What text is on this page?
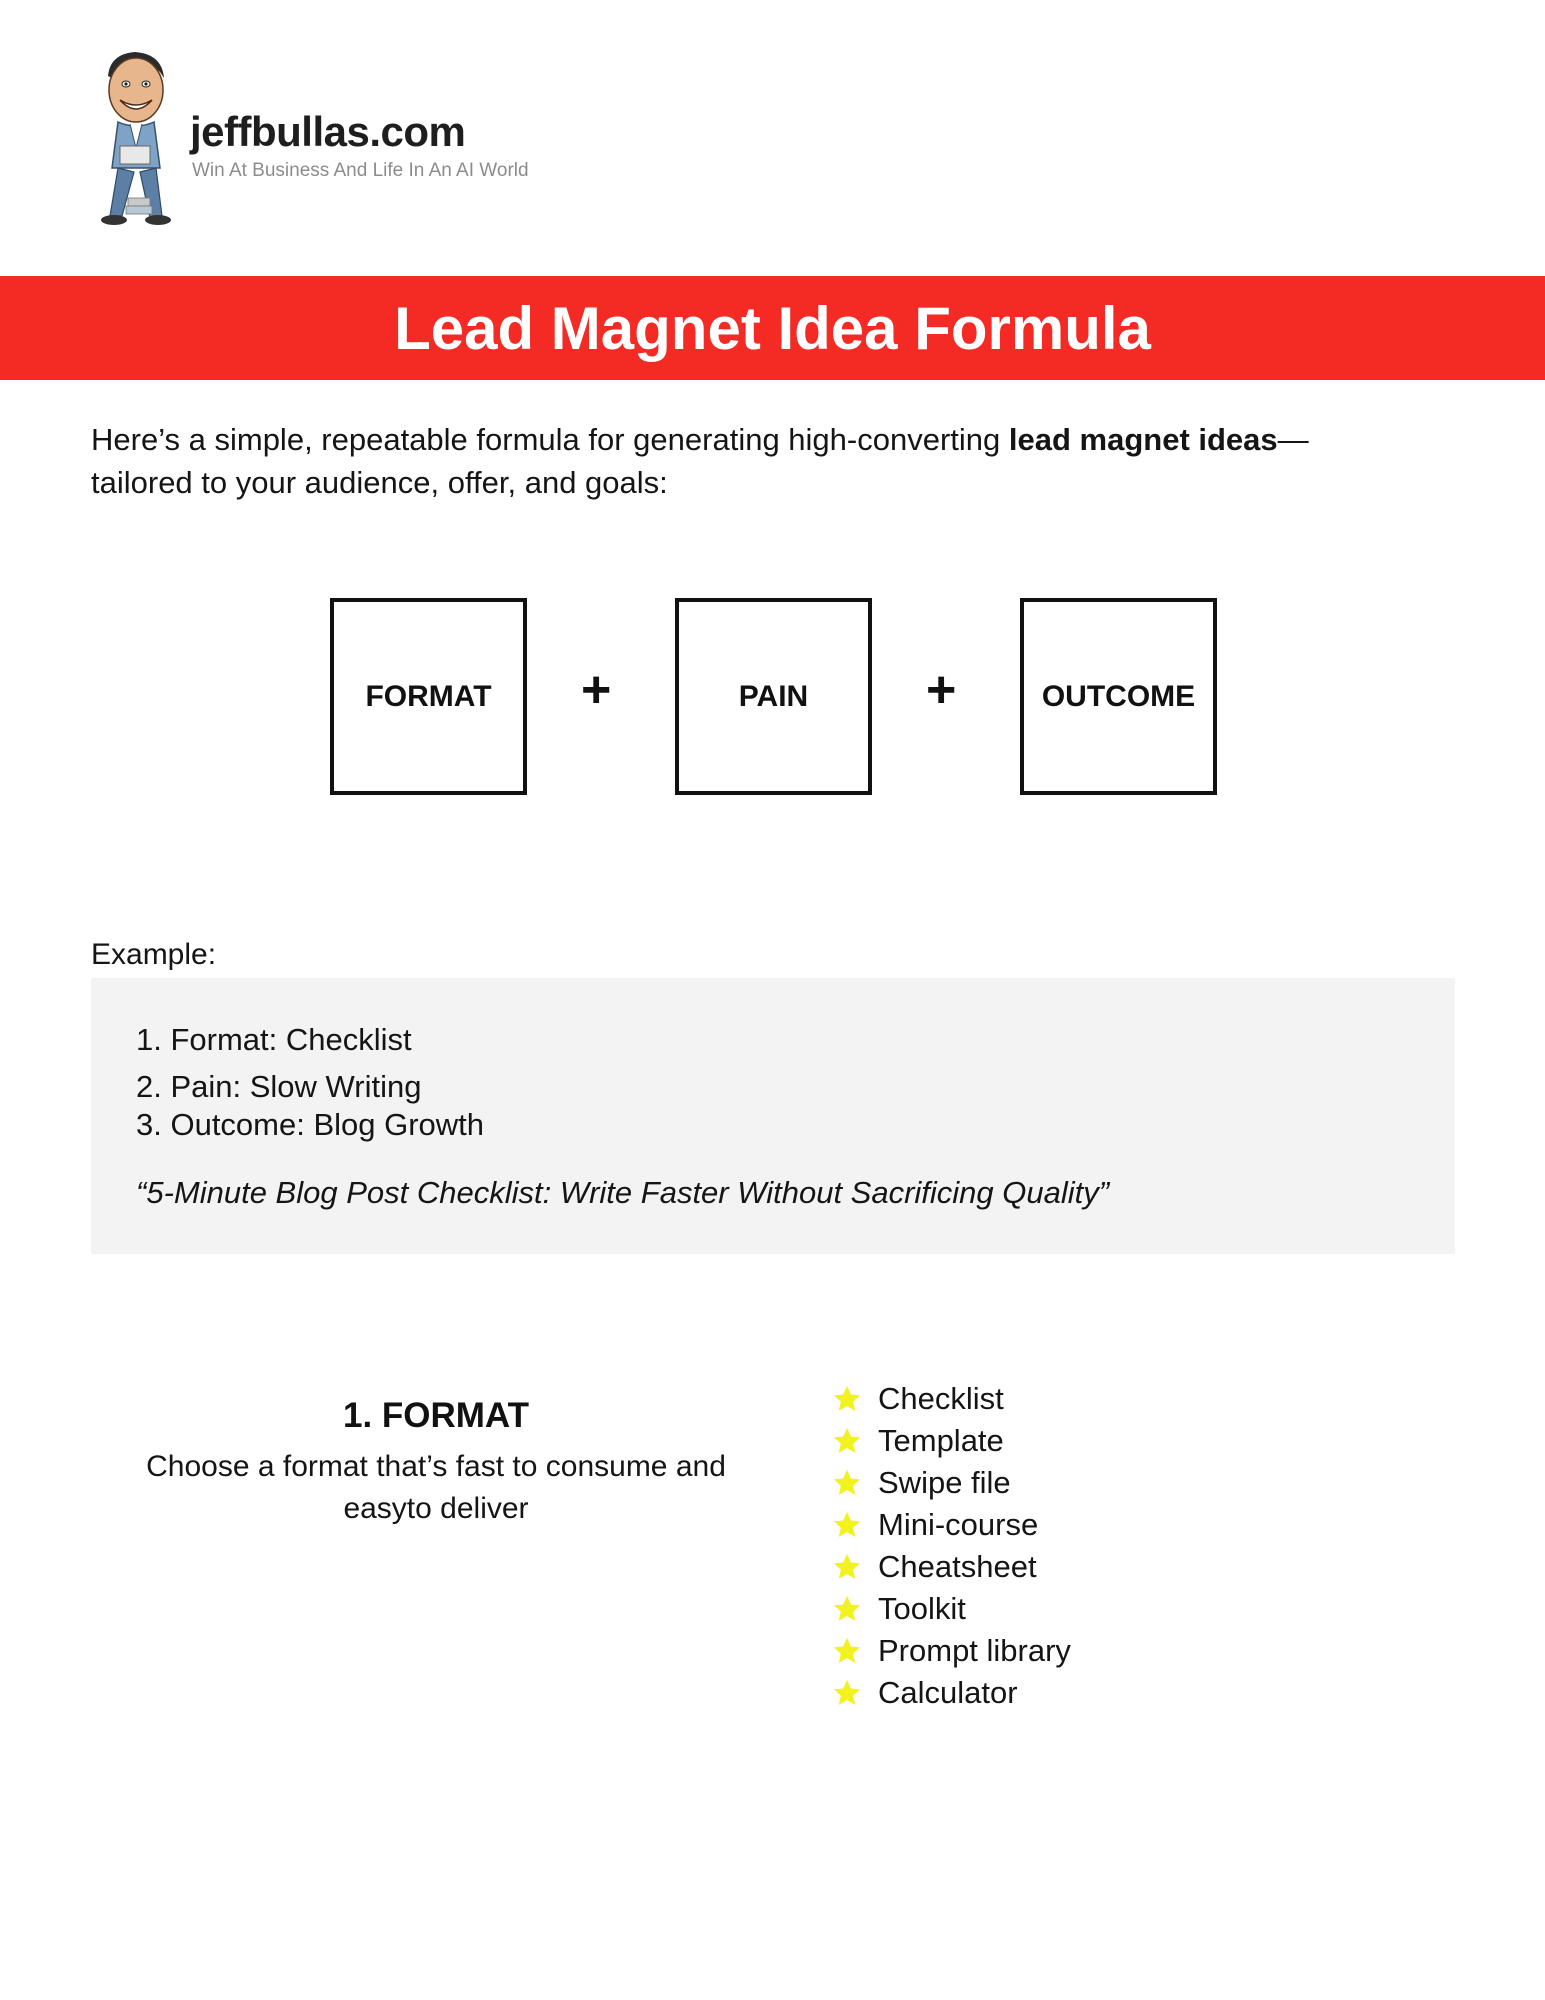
jeffbullas.com
Win At Business And Life In An AI World
Lead Magnet Idea Formula

Here’s a simple, repeatable formula for generating high-converting lead magnet ideas—tailored to your audience, offer, and goals:

FORMAT	+	PAIN	+	OUTCOME
Example:
1. Format: Checklist
2. Pain: Slow Writing
3. Outcome: Blog Growth
“5-Minute Blog Post Checklist: Write Faster Without Sacrificing Quality”
1. FORMAT
Choose a format that’s fast to consume and easyto deliver
Checklist
Template
Swipe file
Mini-course
Cheatsheet
Toolkit
Prompt library
Calculator
